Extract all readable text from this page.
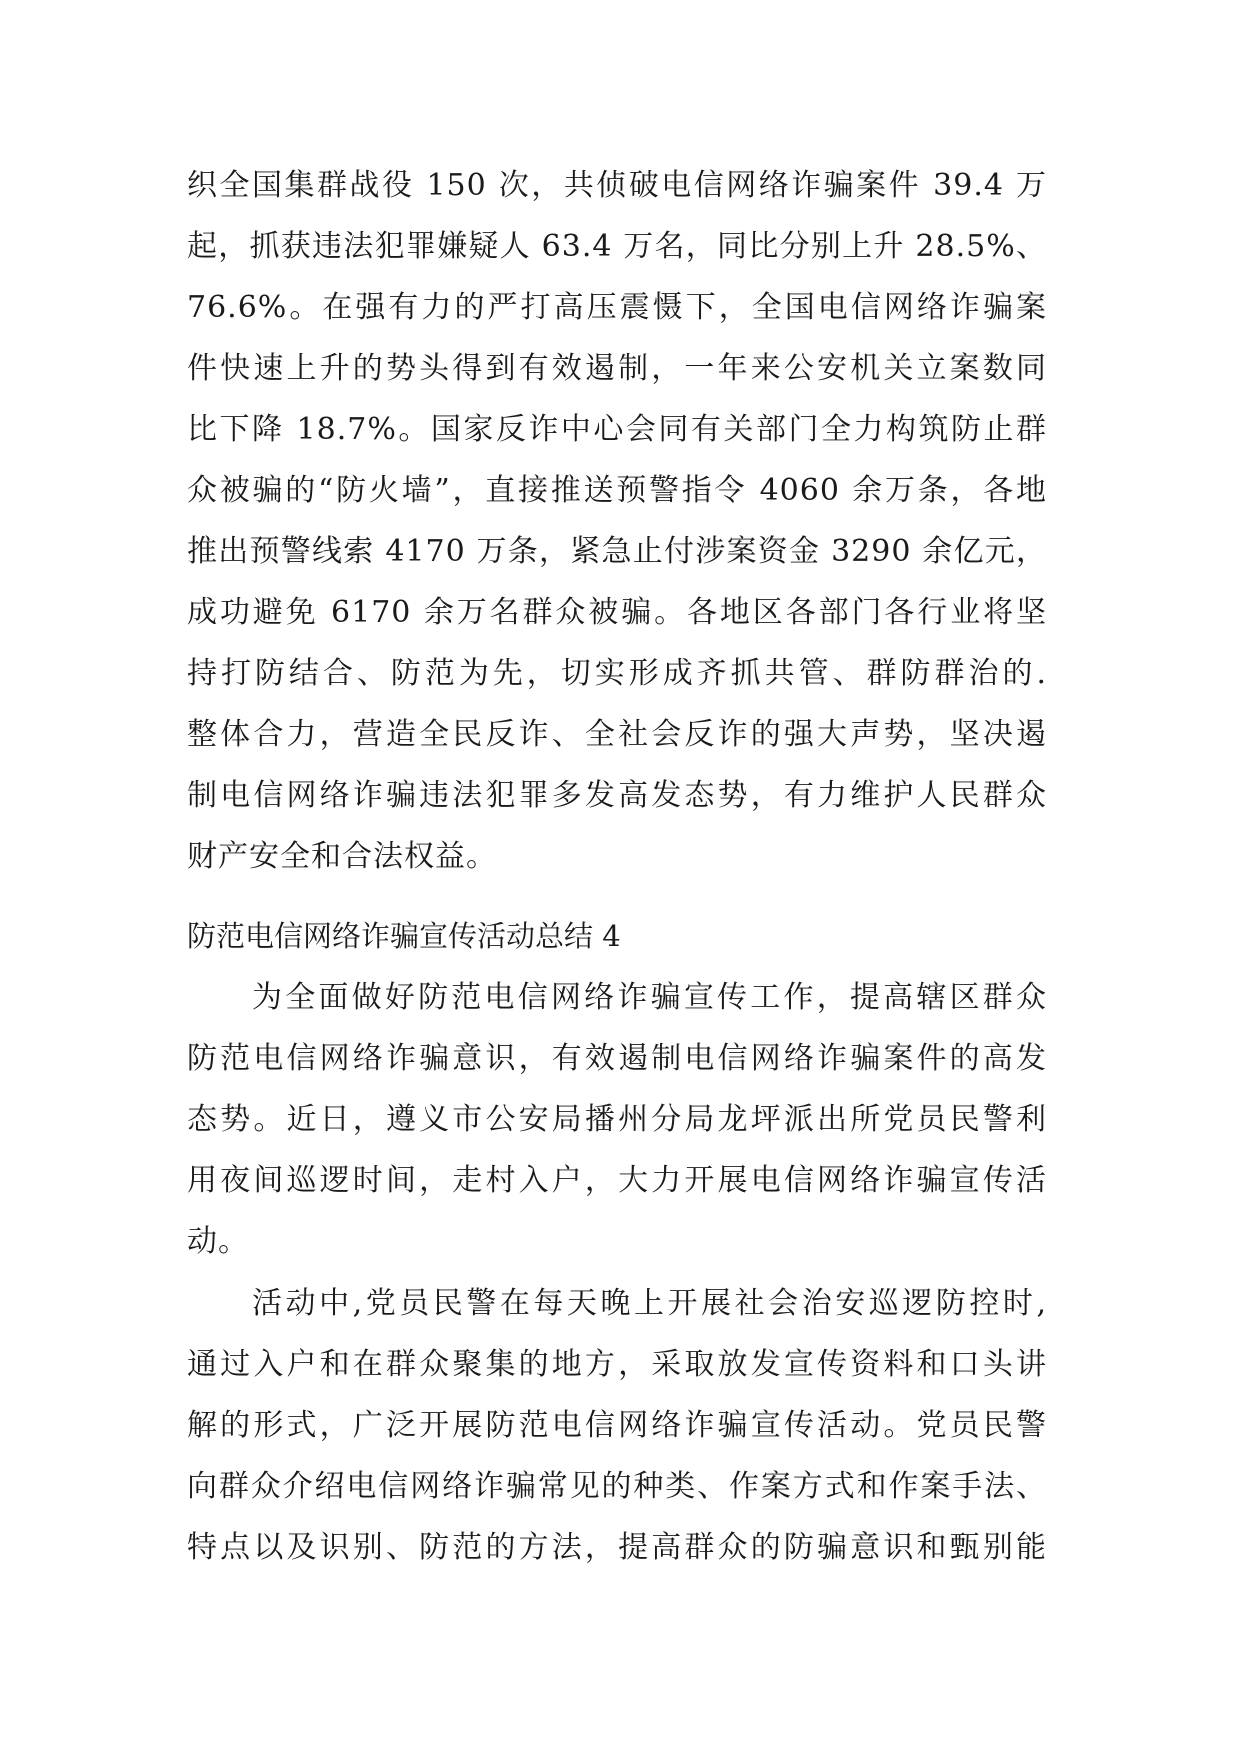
织全国集群战役 150 次，共侦破电信网络诈骗案件 39.4 万
起，抓获违法犯罪嫌疑人 63.4 万名，同比分别上升 28.5%、
76.6%。在强有力的严打高压震慑下，全国电信网络诈骗案
件快速上升的势头得到有效遏制，一年来公安机关立案数同
比下降 18.7%。国家反诈中心会同有关部门全力构筑防止群
众被骗的“防火墙”，直接推送预警指令 4060 余万条，各地
推出预警线索 4170 万条，紧急止付涉案资金 3290 余亿元，
成功避免 6170 余万名群众被骗。各地区各部门各行业将坚
持打防结合、防范为先，切实形成齐抓共管、群防群治的.
整体合力，营造全民反诈、全社会反诈的强大声势，坚决遏
制电信网络诈骗违法犯罪多发高发态势，有力维护人民群众
财产安全和合法权益。
防范电信网络诈骗宣传活动总结 4
为全面做好防范电信网络诈骗宣传工作，提高辖区群众
防范电信网络诈骗意识，有效遏制电信网络诈骗案件的高发
态势。近日，遵义市公安局播州分局龙坪派出所党员民警利
用夜间巡逻时间，走村入户，大力开展电信网络诈骗宣传活
动。
活动中,党员民警在每天晚上开展社会治安巡逻防控时,
通过入户和在群众聚集的地方，采取放发宣传资料和口头讲
解的形式，广泛开展防范电信网络诈骗宣传活动。党员民警
向群众介绍电信网络诈骗常见的种类、作案方式和作案手法、
特点以及识别、防范的方法，提高群众的防骗意识和甄别能
